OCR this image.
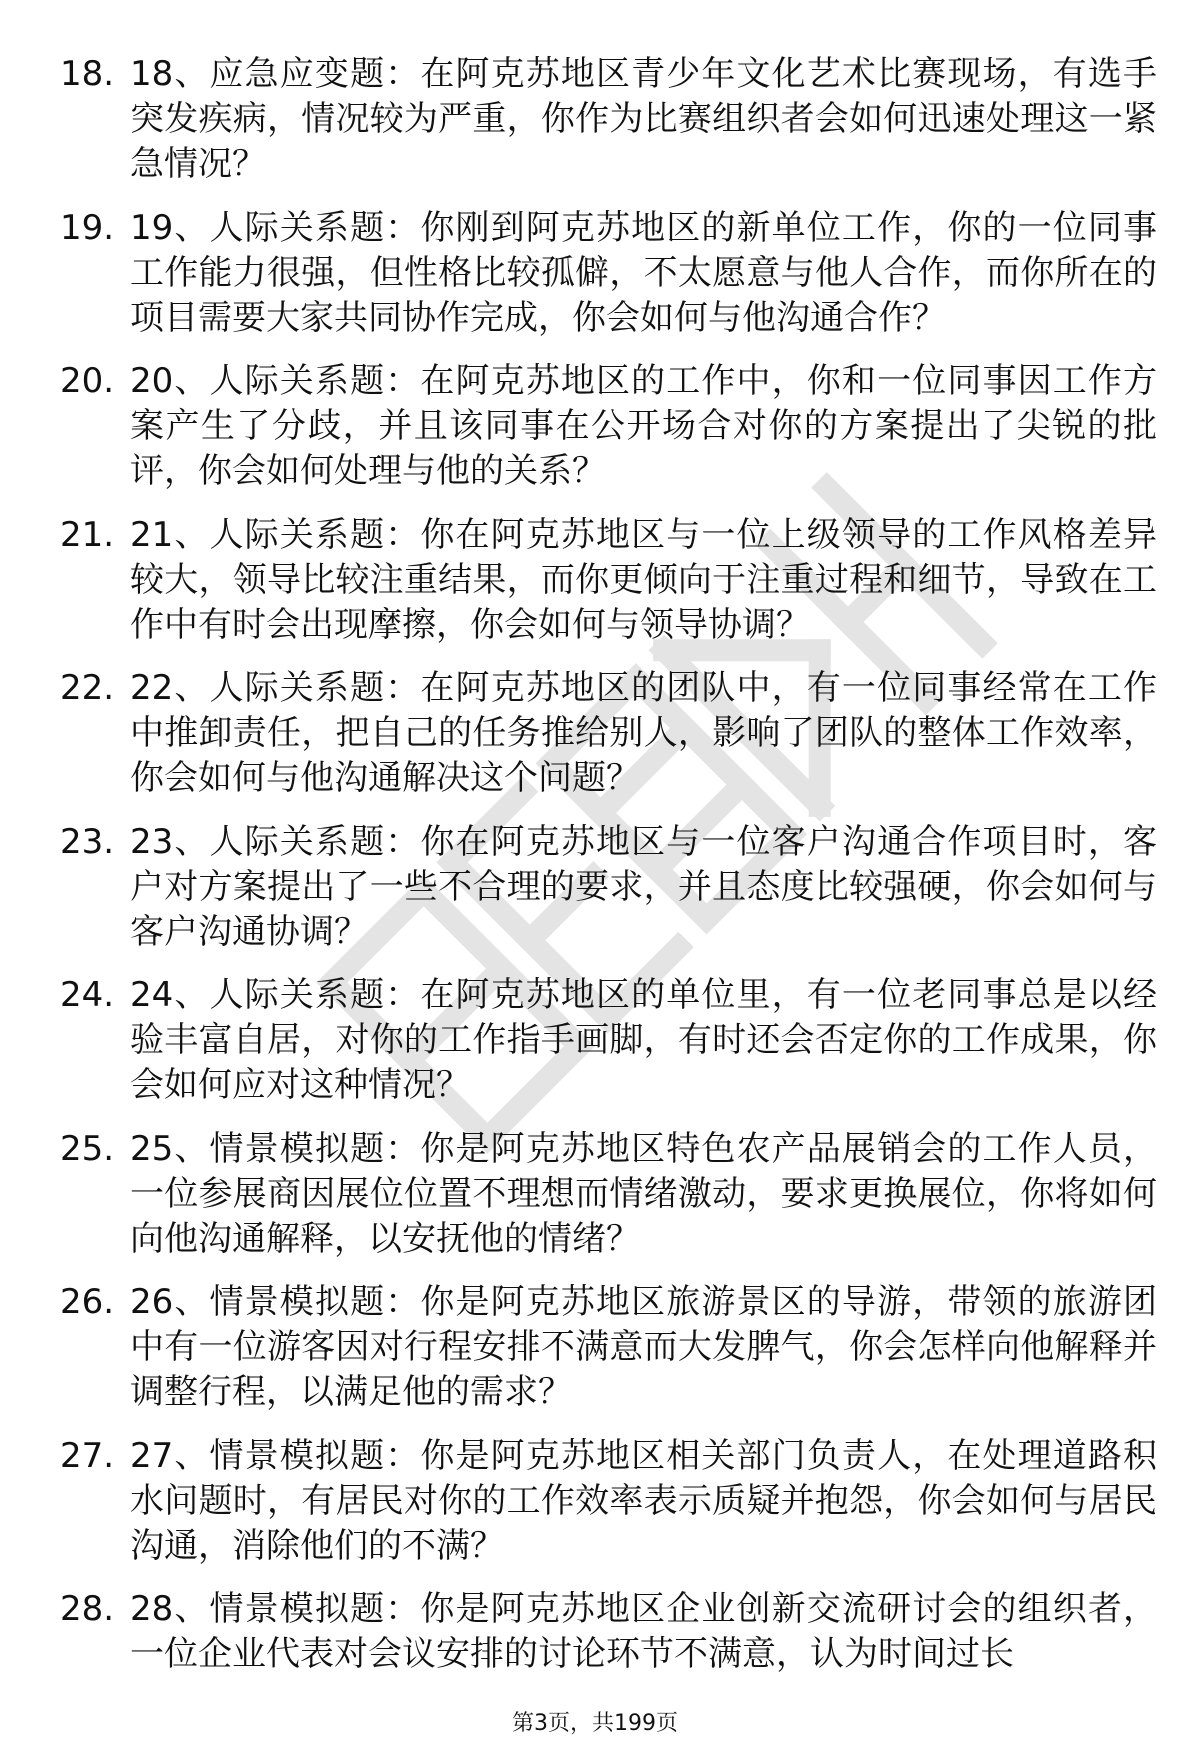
18. 18、应急应变题：在阿克苏地区青少年文化艺术比赛现场，有选手突发疾病，情况较为严重，你作为比赛组织者会如何迅速处理这一紧急情况？

19. 19、人际关系题：你刚到阿克苏地区的新单位工作，你的一位同事工作能力很强，但性格比较孤僻，不太愿意与他人合作，而你所在的项目需要大家共同协作完成，你会如何与他沟通合作？

20. 20、人际关系题：在阿克苏地区的工作中，你和一位同事因工作方案产生了分歧，并且该同事在公开场合对你的方案提出了尖锐的批评，你会如何处理与他的关系？

21. 21、人际关系题：你在阿克苏地区与一位上级领导的工作风格差异较大，领导比较注重结果，而你更倾向于注重过程和细节，导致在工作中有时会出现摩擦，你会如何与领导协调？

22. 22、人际关系题：在阿克苏地区的团队中，有一位同事经常在工作中推卸责任，把自己的任务推给别人，影响了团队的整体工作效率，你会如何与他沟通解决这个问题？

23. 23、人际关系题：你在阿克苏地区与一位客户沟通合作项目时，客户对方案提出了一些不合理的要求，并且态度比较强硬，你会如何与客户沟通协调？

24. 24、人际关系题：在阿克苏地区的单位里，有一位老同事总是以经验丰富自居，对你的工作指手画脚，有时还会否定你的工作成果，你会如何应对这种情况？

25. 25、情景模拟题：你是阿克苏地区特色农产品展销会的工作人员，一位参展商因展位位置不理想而情绪激动，要求更换展位，你将如何向他沟通解释，以安抚他的情绪？

26. 26、情景模拟题：你是阿克苏地区旅游景区的导游，带领的旅游团中有一位游客因对行程安排不满意而大发脾气，你会怎样向他解释并调整行程，以满足他的需求？

27. 27、情景模拟题：你是阿克苏地区相关部门负责人，在处理道路积水问题时，有居民对你的工作效率表示质疑并抱怨，你会如何与居民沟通，消除他们的不满？

28. 28、情景模拟题：你是阿克苏地区企业创新交流研讨会的组织者，一位企业代表对会议安排的讨论环节不满意，认为时间过长

第3页，共199页
